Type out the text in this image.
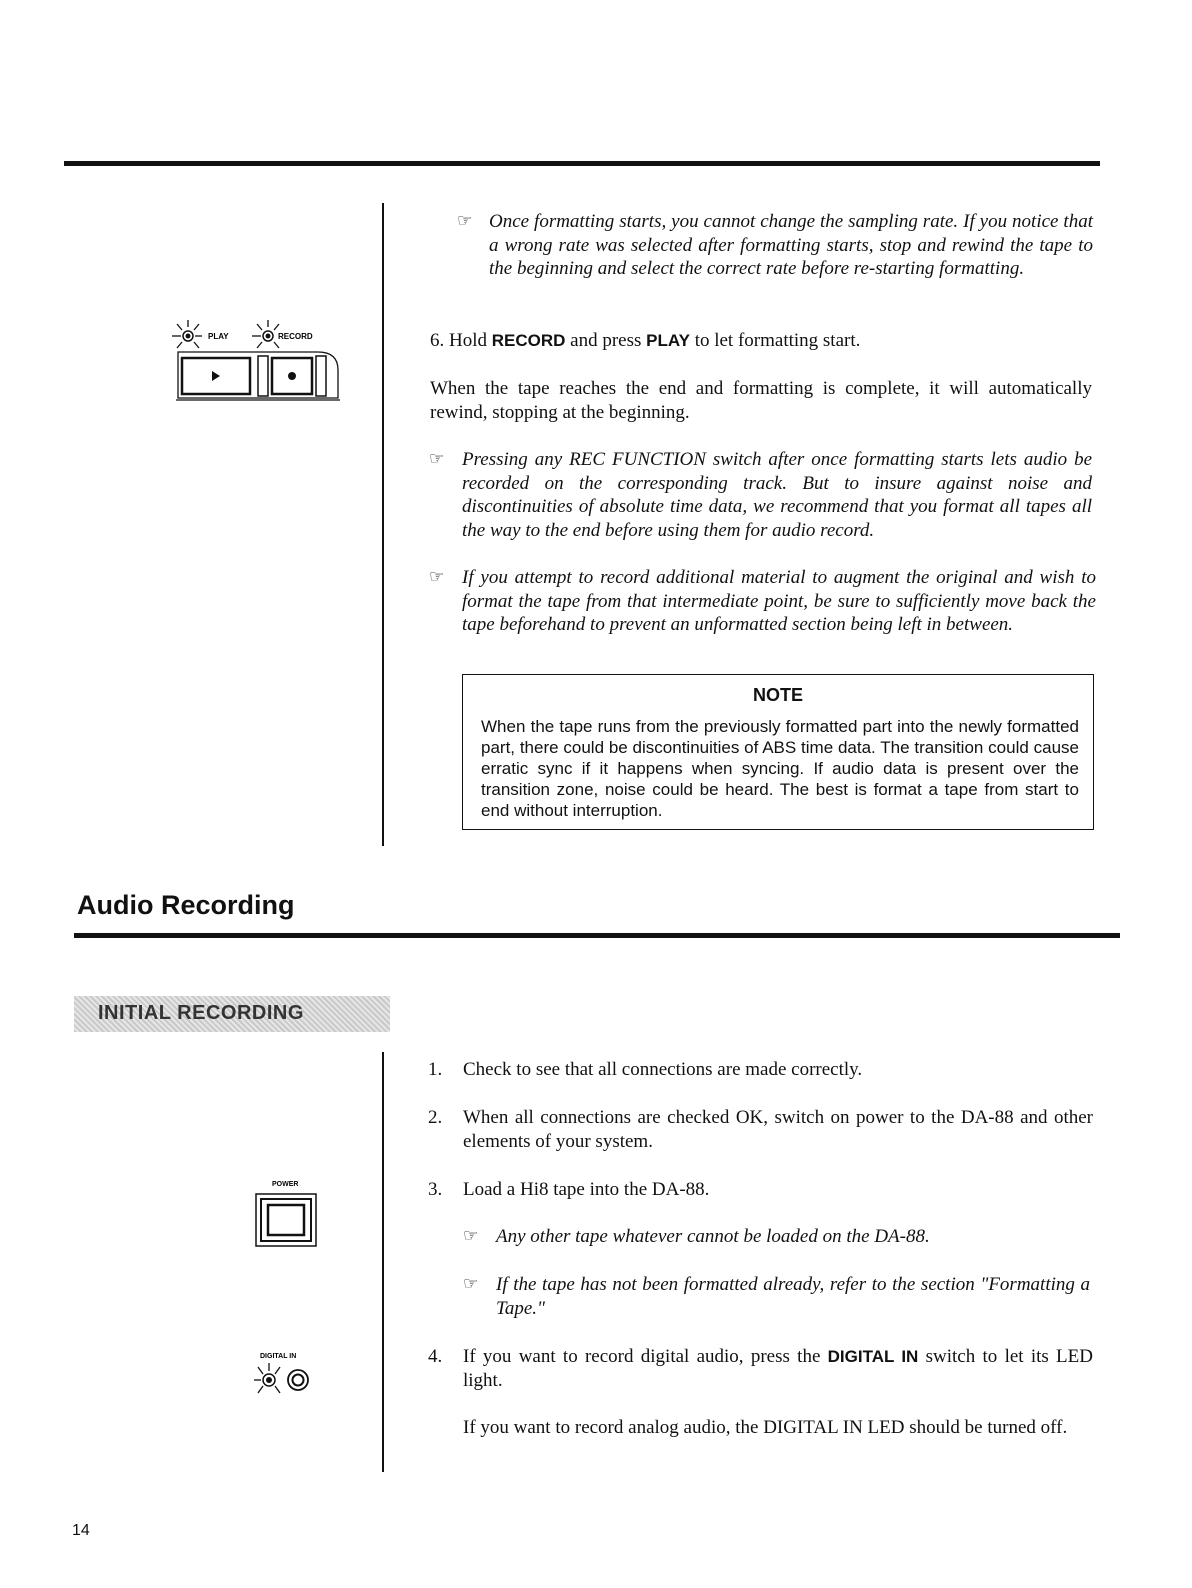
☞ Once formatting starts, you cannot change the sampling rate. If you notice that a wrong rate was selected after formatting starts, stop and rewind the tape to the beginning and select the correct rate before re-starting formatting.
6. Hold RECORD and press PLAY to let formatting start.
When the tape reaches the end and formatting is complete, it will automatically rewind, stopping at the beginning.
☞ Pressing any REC FUNCTION switch after once formatting starts lets audio be recorded on the corresponding track. But to insure against noise and discontinuities of absolute time data, we recommend that you format all tapes all the way to the end before using them for audio record.
☞ If you attempt to record additional material to augment the original and wish to format the tape from that intermediate point, be sure to sufficiently move back the tape beforehand to prevent an unformatted section being left in between.
NOTE
When the tape runs from the previously formatted part into the newly formatted part, there could be discontinuities of ABS time data. The transition could cause erratic sync if it happens when syncing. If audio data is present over the transition zone, noise could be heard. The best is format a tape from start to end without interruption.
PLAY	RECORD
Audio Recording
INITIAL RECORDING
1. Check to see that all connections are made correctly.
2. When all connections are checked OK, switch on power to the DA-88 and other elements of your system.
3. Load a Hi8 tape into the DA-88.
☞ Any other tape whatever cannot be loaded on the DA-88.
☞ If the tape has not been formatted already, refer to the section "Formatting a Tape."
4. If you want to record digital audio, press the DIGITAL IN switch to let its LED light.
If you want to record analog audio, the DIGITAL IN LED should be turned off.
POWER
DIGITAL IN
14
